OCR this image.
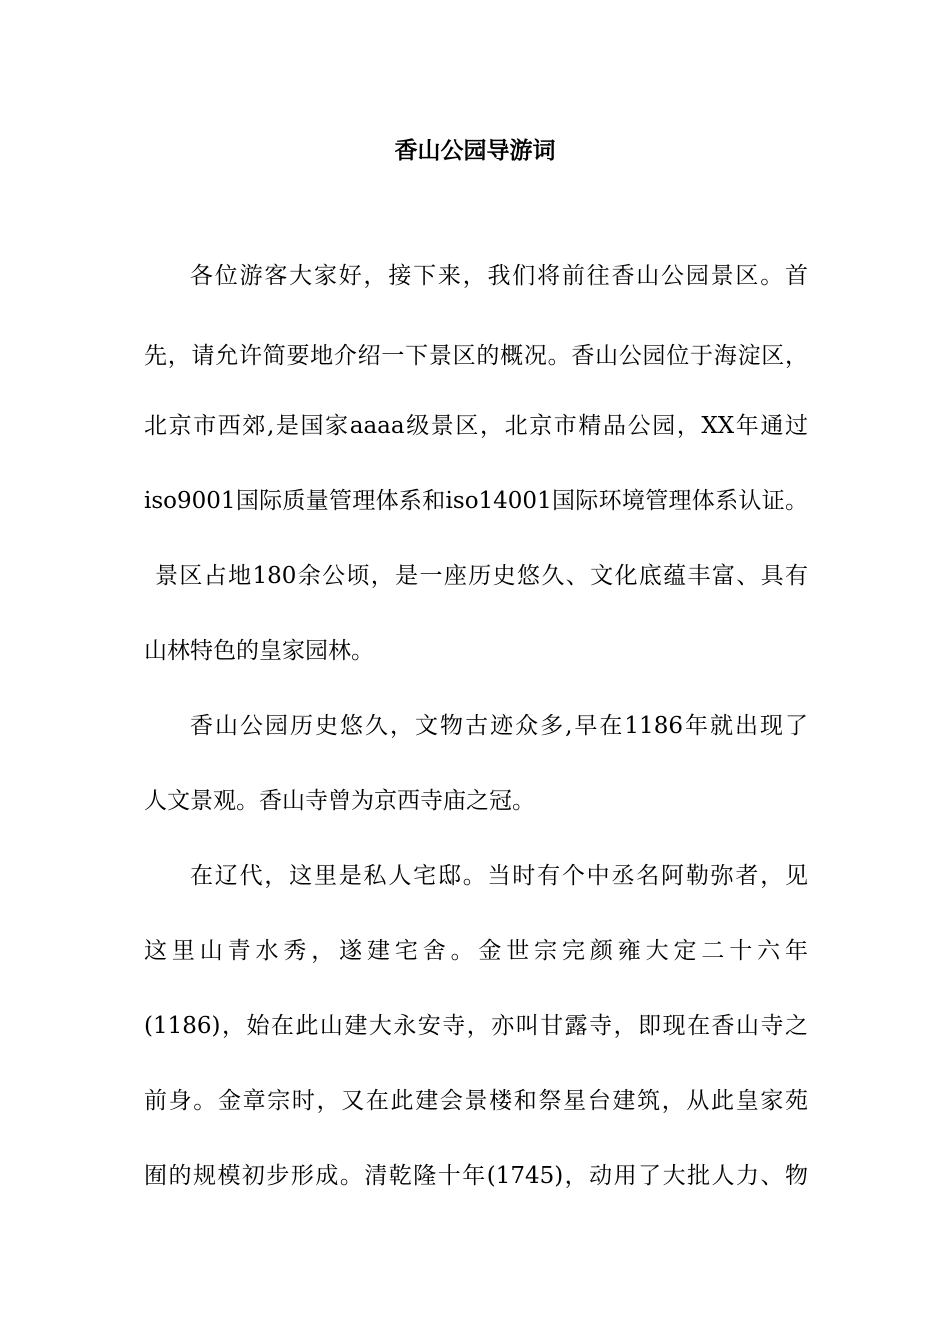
香山公园导游词

各位游客大家好，接下来，我们将前往香山公园景区。首

先，请允许简要地介绍一下景区的概况。香山公园位于海淀区，

北京市西郊,是国家aaaa级景区，北京市精品公园，XX年通过

iso9001国际质量管理体系和iso14001国际环境管理体系认证。

景区占地180余公顷，是一座历史悠久、文化底蕴丰富、具有

山林特色的皇家园林。

香山公园历史悠久，文物古迹众多,早在1186年就出现了

人文景观。香山寺曾为京西寺庙之冠。

在辽代，这里是私人宅邸。当时有个中丞名阿勒弥者，见

这里山青水秀，遂建宅舍。金世宗完颜雍大定二十六年

(1186)，始在此山建大永安寺，亦叫甘露寺，即现在香山寺之

前身。金章宗时，又在此建会景楼和祭星台建筑，从此皇家苑

囿的规模初步形成。清乾隆十年(1745)，动用了大批人力、物
